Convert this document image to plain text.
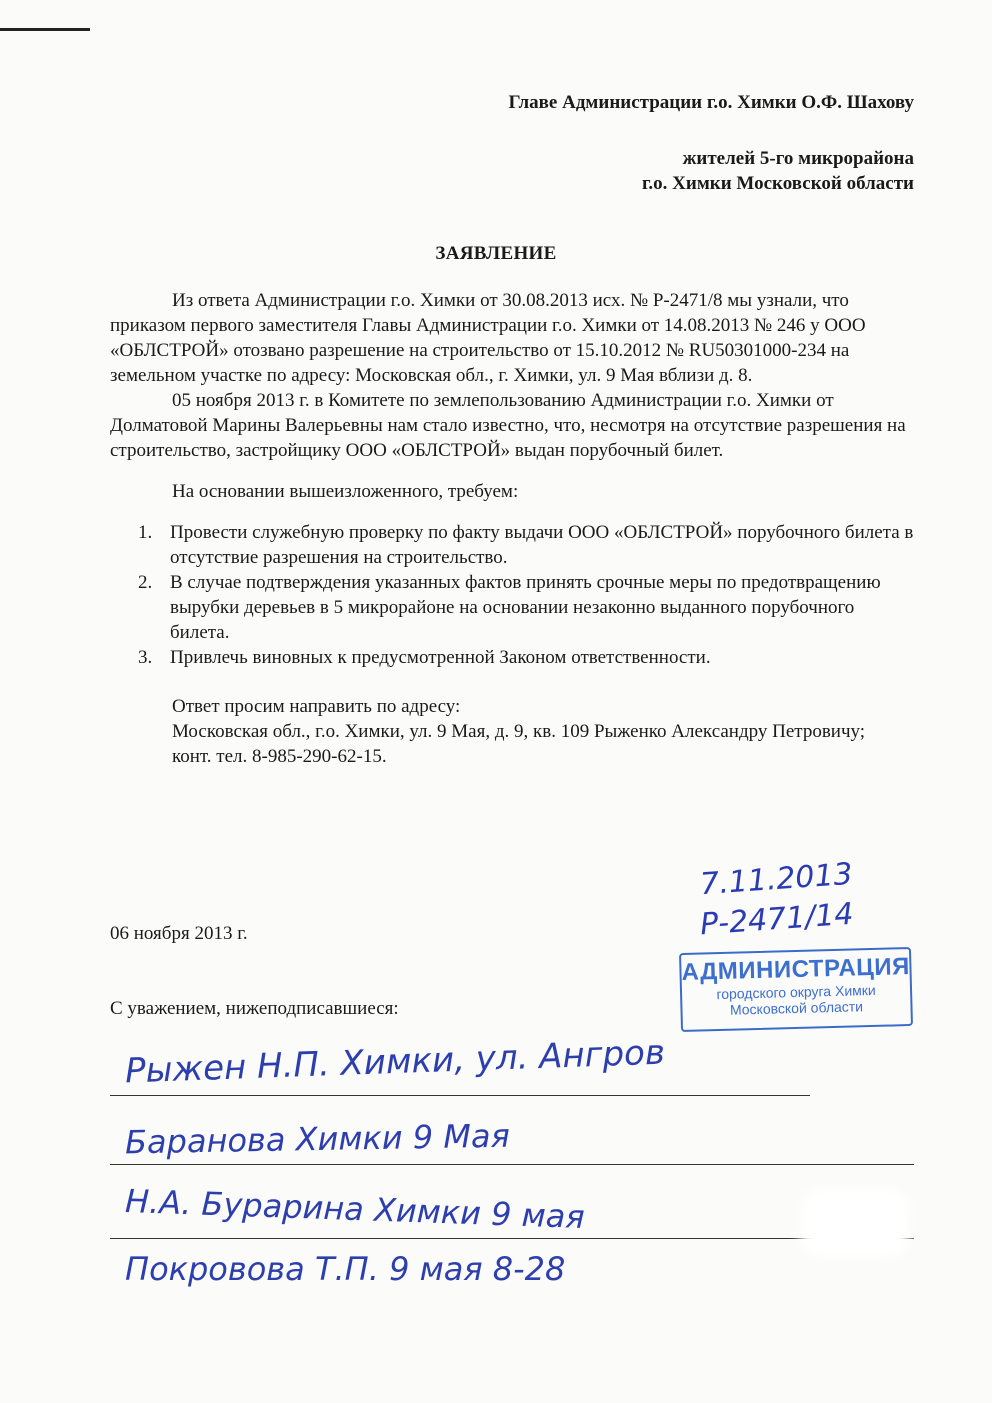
Главе Администрации г.о. Химки О.Ф. Шахову
жителей 5-го микрорайона
г.о. Химки Московской области
ЗАЯВЛЕНИЕ

Из ответа Администрации г.о. Химки от 30.08.2013 исх. № Р-2471/8 мы узнали, что приказом первого заместителя Главы Администрации г.о. Химки от 14.08.2013 № 246 у ООО «ОБЛСТРОЙ» отозвано разрешение на строительство от 15.10.2012 № RU50301000-234 на земельном участке по адресу: Московская обл., г. Химки, ул. 9 Мая вблизи д. 8.

05 ноября 2013 г. в Комитете по землепользованию Администрации г.о. Химки от Долматовой Марины Валерьевны нам стало известно, что, несмотря на отсутствие разрешения на строительство, застройщику ООО «ОБЛСТРОЙ» выдан порубочный билет.

На основании вышеизложенного, требуем:

1. Провести служебную проверку по факту выдачи ООО «ОБЛСТРОЙ» порубочного билета в отсутствие разрешения на строительство.
2. В случае подтверждения указанных фактов принять срочные меры по предотвращению вырубки деревьев в 5 микрорайоне на основании незаконно выданного порубочного билета.
3. Привлечь виновных к предусмотренной Законом ответственности.
Ответ просим направить по адресу:
Московская обл., г.о. Химки, ул. 9 Мая, д. 9, кв. 109 Рыженко Александру Петровичу;
конт. тел. 8-985-290-62-15.
7.11.2013
Р-2471/14
06 ноября 2013 г.
АДМИНИСТРАЦИЯ
городского округа Химки
Московской области
С уважением, нижеподписавшиеся:
Рыжен Н.П. Химки, ул. Ангров
Баранова Химки 9 Мая
Н.А. Бурарина Химки 9 мая
Покровова Т.П. 9 мая 8-28
